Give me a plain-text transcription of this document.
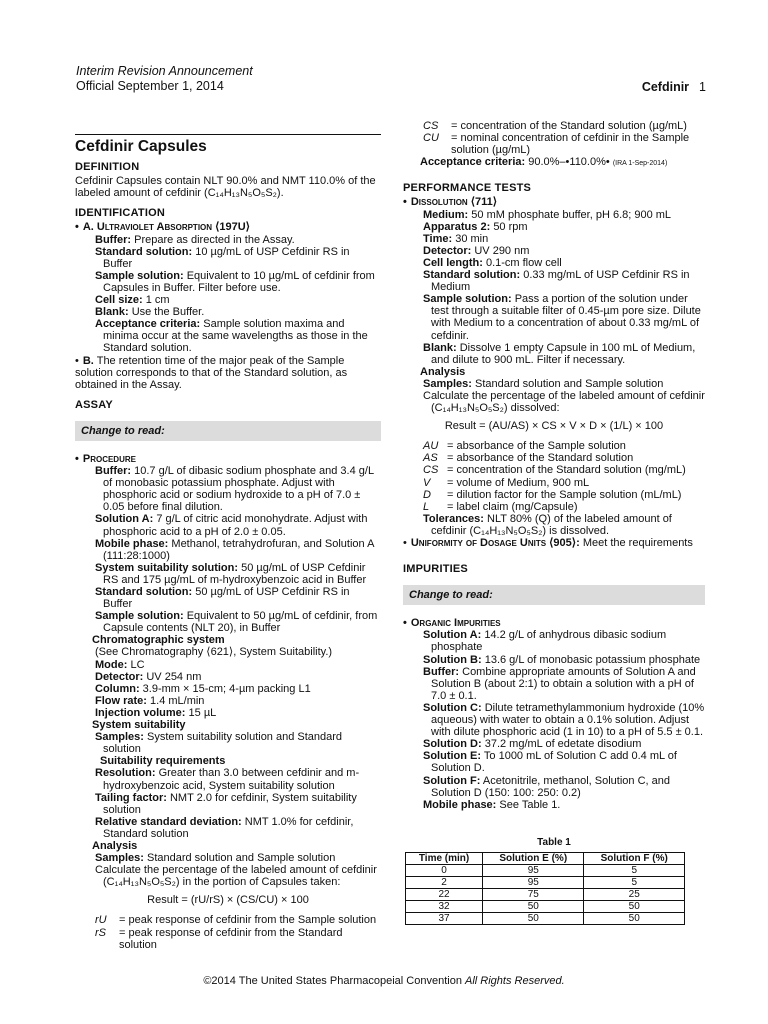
Interim Revision Announcement
Official September 1, 2014	Cefdinir 1
Cefdinir Capsules
DEFINITION

Cefdinir Capsules contain NLT 90.0% and NMT 110.0% of the labeled amount of cefdinir (C₁₄H₁₃N₅O₅S₂).

IDENTIFICATION

• A. Ultraviolet Absorption ⟨197U⟩

Buffer: Prepare as directed in the Assay.

Standard solution: 10 µg/mL of USP Cefdinir RS in Buffer

Sample solution: Equivalent to 10 µg/mL of cefdinir from Capsules in Buffer. Filter before use.

Cell size: 1 cm

Blank: Use the Buffer.

Acceptance criteria: Sample solution maxima and minima occur at the same wavelengths as those in the Standard solution.

• B. The retention time of the major peak of the Sample solution corresponds to that of the Standard solution, as obtained in the Assay.

ASSAY
Change to read:

• Procedure

Buffer: 10.7 g/L of dibasic sodium phosphate and 3.4 g/L of monobasic potassium phosphate. Adjust with phosphoric acid or sodium hydroxide to a pH of 7.0 ± 0.05 before final dilution.

Solution A: 7 g/L of citric acid monohydrate. Adjust with phosphoric acid to a pH of 2.0 ± 0.05.

Mobile phase: Methanol, tetrahydrofuran, and Solution A (111:28:1000)

System suitability solution: 50 µg/mL of USP Cefdinir RS and 175 µg/mL of m-hydroxybenzoic acid in Buffer

Standard solution: 50 µg/mL of USP Cefdinir RS in Buffer

Sample solution: Equivalent to 50 µg/mL of cefdinir, from Capsule contents (NLT 20), in Buffer

Chromatographic system

(See Chromatography ⟨621⟩, System Suitability.)

Mode: LC

Detector: UV 254 nm

Column: 3.9-mm × 15-cm; 4-µm packing L1

Flow rate: 1.4 mL/min

Injection volume: 15 µL

System suitability

Samples: System suitability solution and Standard solution

Suitability requirements

Resolution: Greater than 3.0 between cefdinir and m-hydroxybenzoic acid, System suitability solution

Tailing factor: NMT 2.0 for cefdinir, System suitability solution

Relative standard deviation: NMT 1.0% for cefdinir, Standard solution

Analysis

Samples: Standard solution and Sample solution

Calculate the percentage of the labeled amount of cefdinir (C₁₄H₁₃N₅O₅S₂) in the portion of Capsules taken:

Result = (rU/rS) × (CS/CU) × 100

rU	= peak response of cefdinir from the Sample solution
rS	= peak response of cefdinir from the Standard solution
CS	= concentration of the Standard solution (µg/mL)
CU	= nominal concentration of cefdinir in the Sample solution (µg/mL)

Acceptance criteria: 90.0%–•110.0%• (IRA 1-Sep-2014)

PERFORMANCE TESTS

• Dissolution ⟨711⟩

Medium: 50 mM phosphate buffer, pH 6.8; 900 mL

Apparatus 2: 50 rpm

Time: 30 min

Detector: UV 290 nm

Cell length: 0.1-cm flow cell

Standard solution: 0.33 mg/mL of USP Cefdinir RS in Medium

Sample solution: Pass a portion of the solution under test through a suitable filter of 0.45-µm pore size. Dilute with Medium to a concentration of about 0.33 mg/mL of cefdinir.

Blank: Dissolve 1 empty Capsule in 100 mL of Medium, and dilute to 900 mL. Filter if necessary.

Analysis

Samples: Standard solution and Sample solution

Calculate the percentage of the labeled amount of cefdinir (C₁₄H₁₃N₅O₅S₂) dissolved:

Result = (AU/AS) × CS × V × D × (1/L) × 100

AU = absorbance of the Sample solution
AS = absorbance of the Standard solution
CS = concentration of the Standard solution (mg/mL)
V	= volume of Medium, 900 mL
D	= dilution factor for the Sample solution (mL/mL)
L	= label claim (mg/Capsule)

Tolerances: NLT 80% (Q) of the labeled amount of cefdinir (C₁₄H₁₃N₅O₅S₂) is dissolved.

• Uniformity of Dosage Units ⟨905⟩: Meet the requirements

IMPURITIES
Change to read:

• Organic Impurities

Solution A: 14.2 g/L of anhydrous dibasic sodium phosphate

Solution B: 13.6 g/L of monobasic potassium phosphate

Buffer: Combine appropriate amounts of Solution A and Solution B (about 2:1) to obtain a solution with a pH of 7.0 ± 0.1.

Solution C: Dilute tetramethylammonium hydroxide (10% aqueous) with water to obtain a 0.1% solution. Adjust with dilute phosphoric acid (1 in 10) to a pH of 5.5 ± 0.1.

Solution D: 37.2 mg/mL of edetate disodium

Solution E: To 1000 mL of Solution C add 0.4 mL of Solution D.

Solution F: Acetonitrile, methanol, Solution C, and Solution D (150: 100: 250: 0.2)

Mobile phase: See Table 1.

Table 1
Time (min)	Solution E (%)	Solution F (%)
0	95	5
2	95	5
22	75	25
32	50	50
37	50	50
©2014 The United States Pharmacopeial Convention All Rights Reserved.
